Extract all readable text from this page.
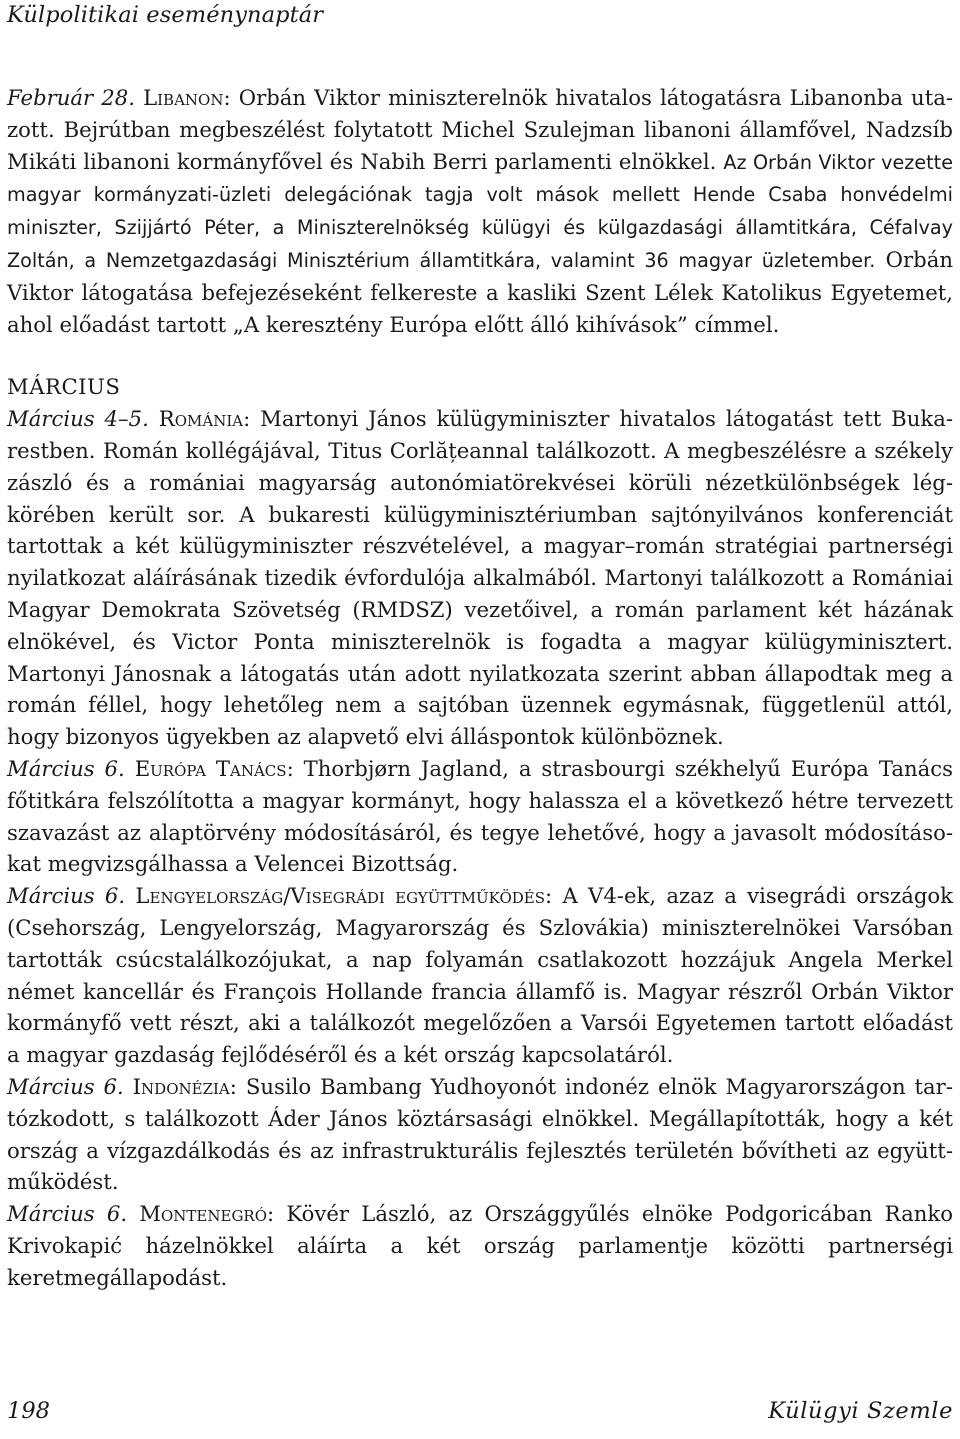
Külpolitikai eseménynaptár

Február 28. Libanon: Orbán Viktor miniszterelnök hivatalos látogatásra Libanonba utazott. Bejrútban megbeszélést folytatott Michel Szulejman libanoni államfővel, Nadzsíb Mikáti libanoni kormányfővel és Nabih Berri parlamenti elnökkel. Az Orbán Viktor vezette magyar kormányzati-üzleti delegációnak tagja volt mások mellett Hende Csaba honvédelmi miniszter, Szijjártó Péter, a Miniszterelnökség külügyi és külgazdasági államtitkára, Céfalvay Zoltán, a Nemzetgazdasági Minisztérium államtitkára, valamint 36 magyar üzletember. Orbán Viktor látogatása befejezéseként felkereste a kasliki Szent Lélek Katolikus Egyetemet, ahol előadást tartott „A keresztény Európa előtt álló kihívások” címmel.

MÁRCIUS

Március 4–5. Románia: Martonyi János külügyminiszter hivatalos látogatást tett Bukarestben. Román kollégájával, Titus Corlățeannal találkozott. A megbeszélésre a székely zászló és a romániai magyarság autonómiatörekvései körüli nézetkülönbségek légkörében került sor. A bukaresti külügyminisztériumban sajtónyilvános konferenciát tartottak a két külügyminiszter részvételével, a magyar–román stratégiai partnerségi nyilatkozat aláírásának tizedik évfordulója alkalmából. Martonyi találkozott a Romániai Magyar Demokrata Szövetség (RMDSZ) vezetőivel, a román parlament két házának elnökével, és Victor Ponta miniszterelnök is fogadta a magyar külügyminisztert. Martonyi Jánosnak a látogatás után adott nyilatkozata szerint abban állapodtak meg a román féllel, hogy lehetőleg nem a sajtóban üzennek egymásnak, függetlenül attól, hogy bizonyos ügyekben az alapvető elvi álláspontok különböznek.

Március 6. Európa Tanács: Thorbjørn Jagland, a strasbourgi székhelyű Európa Tanács főtitkára felszólította a magyar kormányt, hogy halassza el a következő hétre tervezett szavazást az alaptörvény módosításáról, és tegye lehetővé, hogy a javasolt módosításokat megvizsgálhassa a Velencei Bizottság.

Március 6. Lengyelország/Visegrádi együttműködés: A V4-ek, azaz a visegrádi országok (Csehország, Lengyelország, Magyarország és Szlovákia) miniszterelnökei Varsóban tartották csúcstalálkozójukat, a nap folyamán csatlakozott hozzájuk Angela Merkel német kancellár és François Hollande francia államfő is. Magyar részről Orbán Viktor kormányfő vett részt, aki a találkozót megelőzően a Varsói Egyetemen tartott előadást a magyar gazdaság fejlődéséről és a két ország kapcsolatáról.

Március 6. Indonézia: Susilo Bambang Yudhoyonót indonéz elnök Magyarországon tartózkodott, s találkozott Áder János köztársasági elnökkel. Megállapították, hogy a két ország a vízgazdálkodás és az infrastrukturális fejlesztés területén bővítheti az együttműködést.

Március 6. Montenegró: Kövér László, az Országgyűlés elnöke Podgoricában Ranko Krivokapić házelnökkel aláírta a két ország parlamentje közötti partnerségi keretmegállapodást.

198	Külügyi Szemle
